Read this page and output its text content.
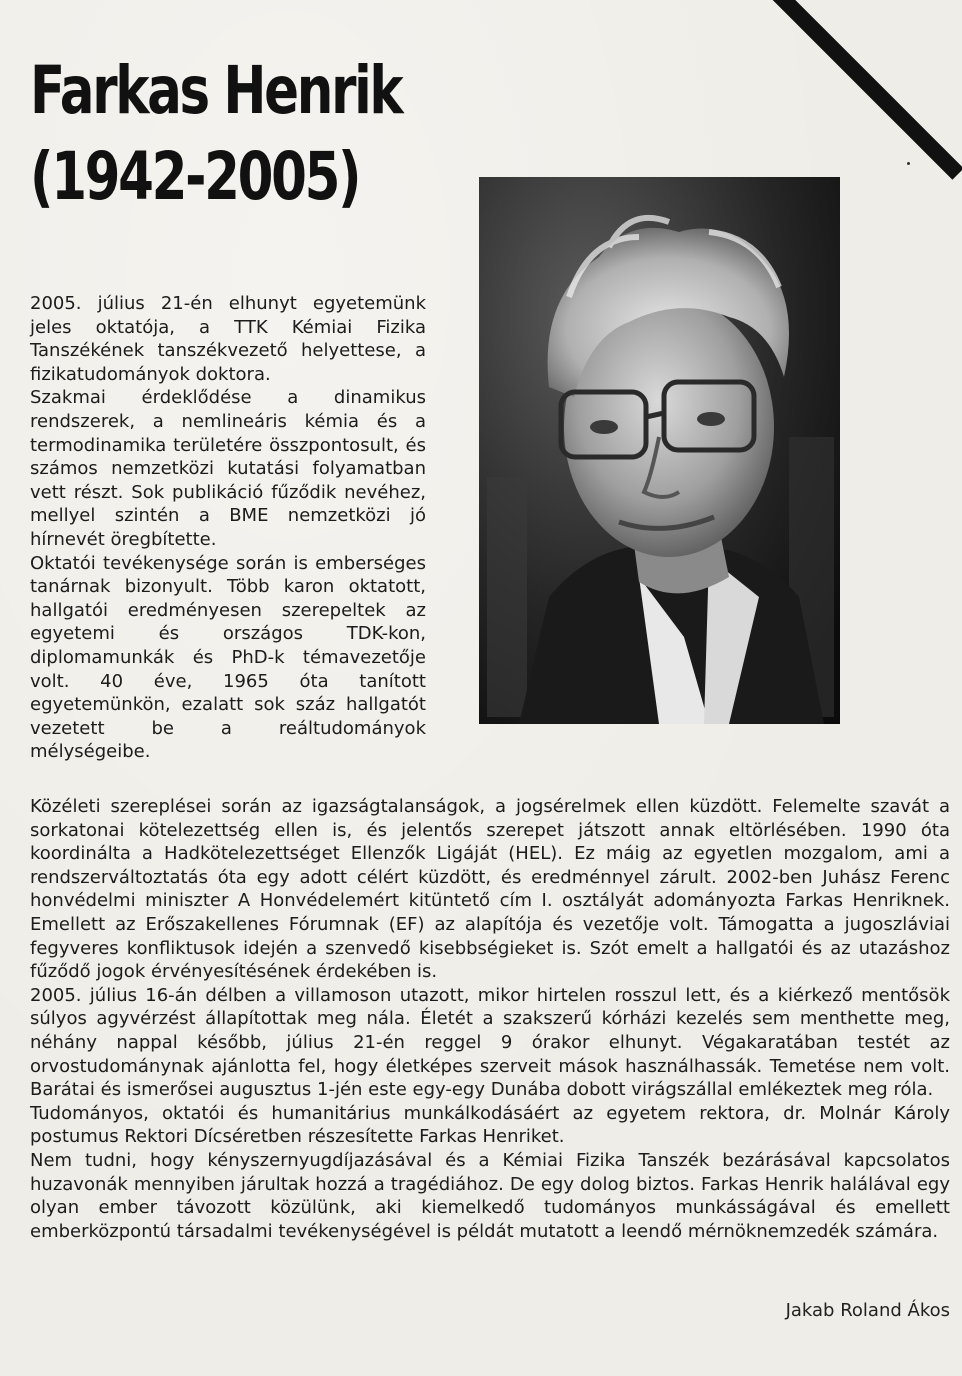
Farkas Henrik
(1942-2005)

2005. július 21-én elhunyt egyetemünk jeles oktatója, a TTK Kémiai Fizika Tanszékének tanszékvezető helyettese, a fizikatudományok doktora.

Szakmai érdeklődése a dinamikus rendszerek, a nemlineáris kémia és a termodinamika területére összpontosult, és számos nemzetközi kutatási folyamatban vett részt. Sok publikáció fűződik nevéhez, mellyel szintén a BME nemzetközi jó hírnevét öregbítette.

Oktatói tevékenysége során is emberséges tanárnak bizonyult. Több karon oktatott, hallgatói eredményesen szerepeltek az egyetemi és országos TDK-kon, diplomamunkák és PhD-k témavezetője volt. 40 éve, 1965 óta tanított egyetemünkön, ezalatt sok száz hallgatót vezetett be a reáltudományok mélységeibe.

Közéleti szereplései során az igazságtalanságok, a jogsérelmek ellen küzdött. Felemelte szavát a sorkatonai kötelezettség ellen is, és jelentős szerepet játszott annak eltörlésében. 1990 óta koordinálta a Hadkötelezettséget Ellenzők Ligáját (HEL). Ez máig az egyetlen mozgalom, ami a rendszerváltoztatás óta egy adott célért küzdött, és eredménnyel zárult. 2002-ben Juhász Ferenc honvédelmi miniszter A Honvédelemért kitüntető cím I. osztályát adományozta Farkas Henriknek. Emellett az Erőszakellenes Fórumnak (EF) az alapítója és vezetője volt. Támogatta a jugoszláviai fegyveres konfliktusok idején a szenvedő kisebbségieket is. Szót emelt a hallgatói és az utazáshoz fűződő jogok érvényesítésének érdekében is.

2005. július 16-án délben a villamoson utazott, mikor hirtelen rosszul lett, és a kiérkező mentősök súlyos agyvérzést állapítottak meg nála. Életét a szakszerű kórházi kezelés sem menthette meg, néhány nappal később, július 21-én reggel 9 órakor elhunyt. Végakaratában testét az orvostudománynak ajánlotta fel, hogy életképes szerveit mások használhassák. Temetése nem volt. Barátai és ismerősei augusztus 1-jén este egy-egy Dunába dobott virágszállal emlékeztek meg róla.

Tudományos, oktatói és humanitárius munkálkodásáért az egyetem rektora, dr. Molnár Károly postumus Rektori Dícséretben részesítette Farkas Henriket.

Nem tudni, hogy kényszernyugdíjazásával és a Kémiai Fizika Tanszék bezárásával kapcsolatos huzavonák mennyiben járultak hozzá a tragédiához. De egy dolog biztos. Farkas Henrik halálával egy olyan ember távozott közülünk, aki kiemelkedő tudományos munkásságával és emellett emberközpontú társadalmi tevékenységével is példát mutatott a leendő mérnöknemzedék számára.

Jakab Roland Ákos
